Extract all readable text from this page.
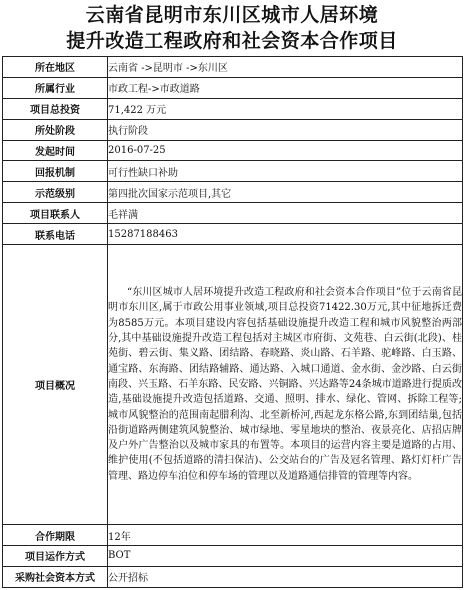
云南省昆明市东川区城市人居环境
提升改造工程政府和社会资本合作项目
所在地区	云南省 ->昆明市 ->东川区
所属行业	市政工程->市政道路
项目总投资	71,422 万元
所处阶段	执行阶段
发起时间	2016-07-25
回报机制	可行性缺口补助
示范级别	第四批次国家示范项目,其它
项目联系人	毛祥满
联系电话	15287188463
项目概况	“东川区城市人居环境提升改造工程政府和社会资本合作项目”位于云南省昆明市东川区,属于市政公用事业领域,项目总投资71422.30万元,其中征地拆迁费为8585万元。本项目建设内容包括基础设施提升改造工程和城市风貌整治两部分,其中基础设施提升改造工程包括对主城区市府街、文苑巷、白云街(北段)、桂苑街、碧云街、集义路、团结路、春晓路、炎山路、石羊路、驼峰路、白玉路、通宝路、东海路、团结路辅路、通达路、入城口通道、金水街、金沙路、白云街南段、兴玉路、石羊东路、民安路、兴铜路、兴达路等24条城市道路进行提质改造,基础设施提升改造包括道路、交通、照明、排水、绿化、管网、拆除工程等;城市风貌整治的范围南起腊利沟、北至新桥河,西起龙东格公路,东到团结巢,包括沿街道路两侧建筑风貌整治、城市绿地、零星地块的整治、夜景亮化、店招店牌及户外广告整治以及城市家具的布置等。本项目的运营内容主要是道路的占用、维护使用(不包括道路的清扫保洁)、公交站台的广告及冠名管理、路灯灯杆广告管理、路边停车泊位和停车场的管理以及道路通信排管的管理等内容。
合作期限	12年
项目运作方式	BOT
采购社会资本方式	公开招标
